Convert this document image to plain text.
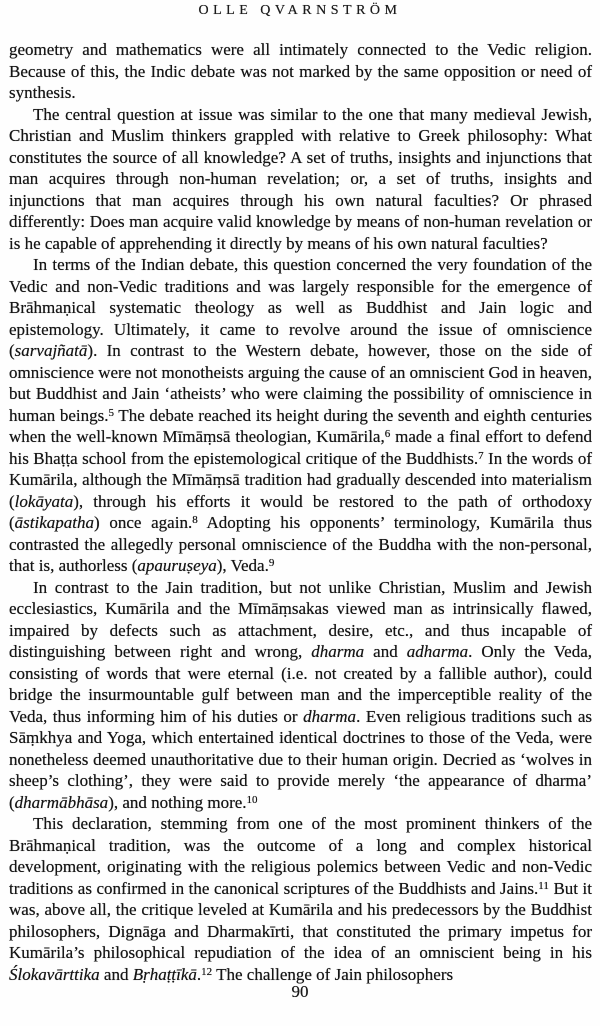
OLLE QVARNSTRÖM

geometry and mathematics were all intimately connected to the Vedic religion. Because of this, the Indic debate was not marked by the same opposition or need of synthesis.

The central question at issue was similar to the one that many medieval Jewish, Christian and Muslim thinkers grappled with relative to Greek philosophy: What constitutes the source of all knowledge? A set of truths, insights and injunctions that man acquires through non-human revelation; or, a set of truths, insights and injunctions that man acquires through his own natural faculties? Or phrased differently: Does man acquire valid knowledge by means of non-human revelation or is he capable of apprehending it directly by means of his own natural faculties?

In terms of the Indian debate, this question concerned the very foundation of the Vedic and non-Vedic traditions and was largely responsible for the emergence of Brāhmaṇical systematic theology as well as Buddhist and Jain logic and epistemology. Ultimately, it came to revolve around the issue of omniscience (sarvajñatā). In contrast to the Western debate, however, those on the side of omniscience were not monotheists arguing the cause of an omniscient God in heaven, but Buddhist and Jain ‘atheists’ who were claiming the possibility of omniscience in human beings.$^5$ The debate reached its height during the seventh and eighth centuries when the well-known Mīmāṃsā theologian, Kumārila,$^6$ made a final effort to defend his Bhaṭṭa school from the epistemological critique of the Buddhists.$^7$ In the words of Kumārila, although the Mīmāṃsā tradition had gradually descended into materialism (lokāyata), through his efforts it would be restored to the path of orthodoxy (āstikapatha) once again.$^8$ Adopting his opponents’ terminology, Kumārila thus contrasted the allegedly personal omniscience of the Buddha with the non-personal, that is, authorless (apauruṣeya), Veda.$^9$

In contrast to the Jain tradition, but not unlike Christian, Muslim and Jewish ecclesiastics, Kumārila and the Mīmāṃsakas viewed man as intrinsically flawed, impaired by defects such as attachment, desire, etc., and thus incapable of distinguishing between right and wrong, dharma and adharma. Only the Veda, consisting of words that were eternal (i.e. not created by a fallible author), could bridge the insurmountable gulf between man and the imperceptible reality of the Veda, thus informing him of his duties or dharma. Even religious traditions such as Sāṃkhya and Yoga, which entertained identical doctrines to those of the Veda, were nonetheless deemed unauthoritative due to their human origin. Decried as ‘wolves in sheep’s clothing’, they were said to provide merely ‘the appearance of dharma’ (dharmābhāsa), and nothing more.$^{10}$

This declaration, stemming from one of the most prominent thinkers of the Brāhmaṇical tradition, was the outcome of a long and complex historical development, originating with the religious polemics between Vedic and non-Vedic traditions as confirmed in the canonical scriptures of the Buddhists and Jains.$^{11}$ But it was, above all, the critique leveled at Kumārila and his predecessors by the Buddhist philosophers, Dignāga and Dharmakīrti, that constituted the primary impetus for Kumārila’s philosophical repudiation of the idea of an omniscient being in his Ślokavārttika and Bṛhaṭṭīkā.$^{12}$ The challenge of Jain philosophers

90
